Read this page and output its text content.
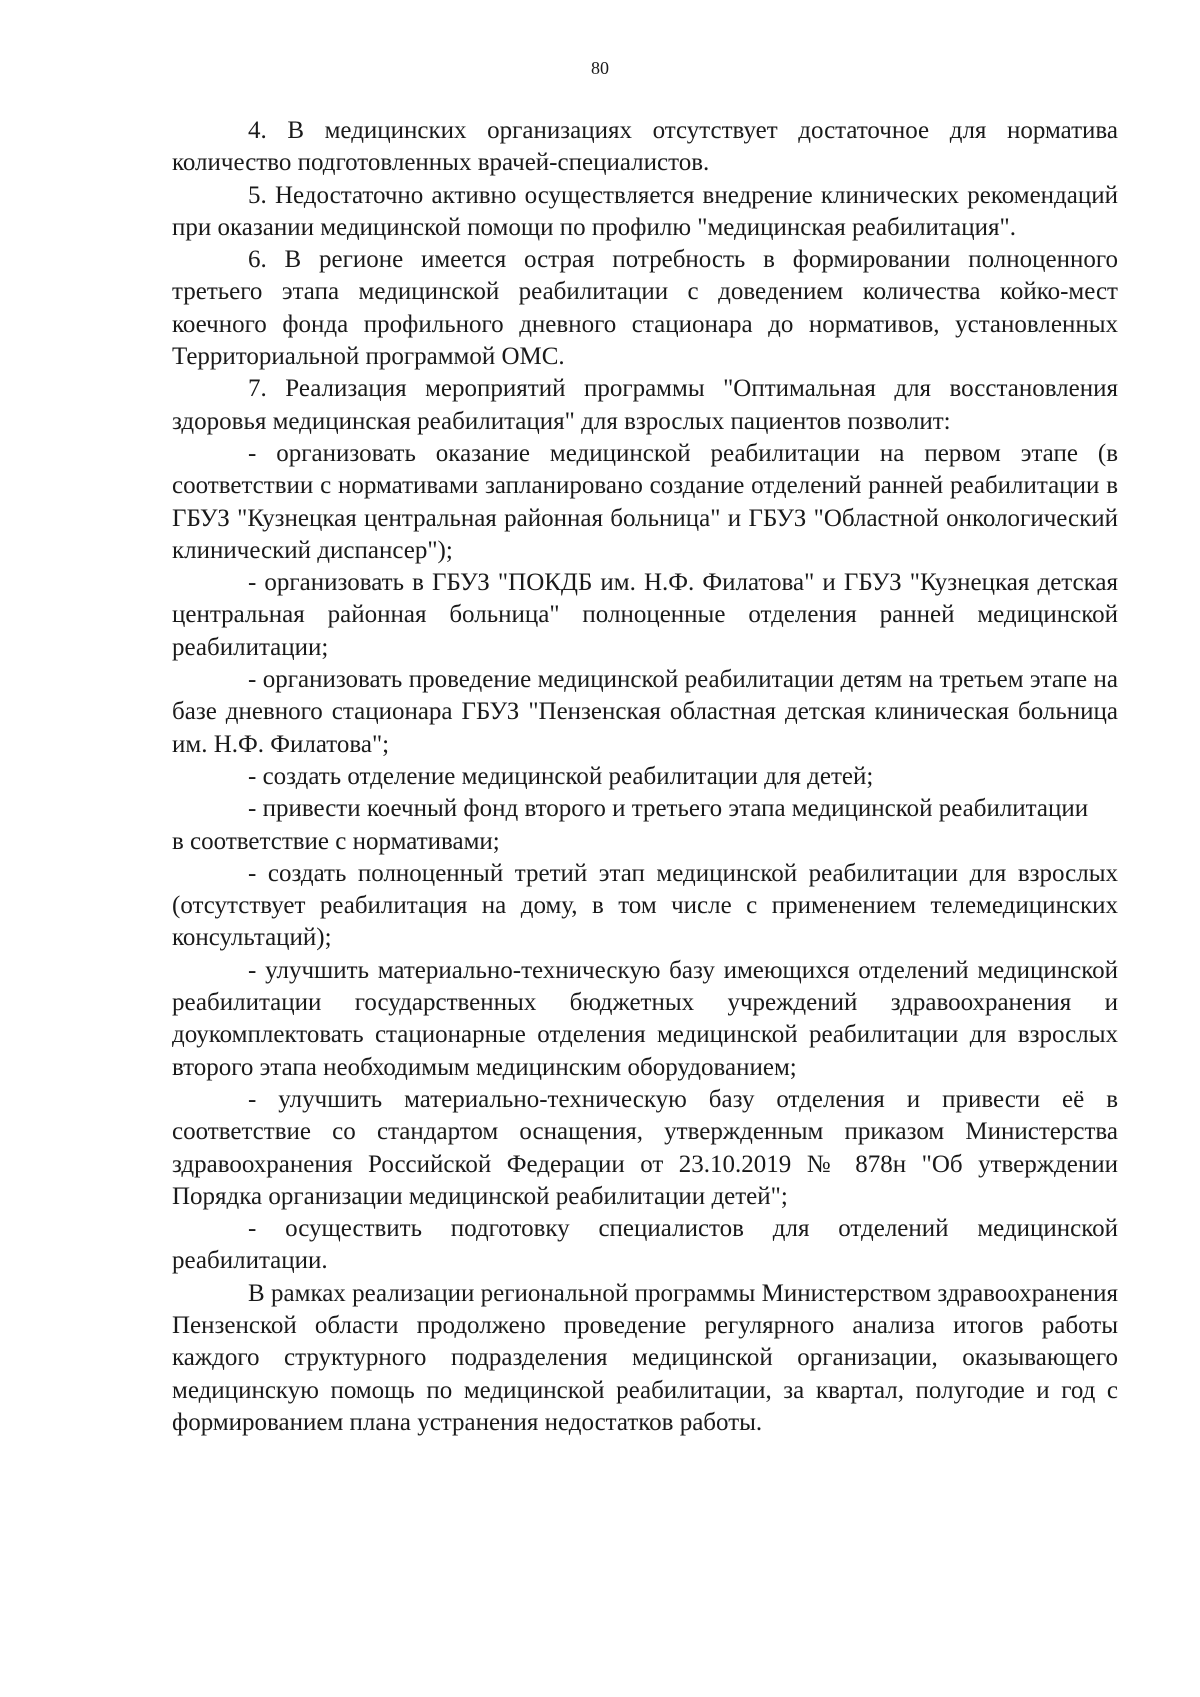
80

4. В медицинских организациях отсутствует достаточное для норматива количество подготовленных врачей-специалистов.

5. Недостаточно активно осуществляется внедрение клинических рекомендаций при оказании медицинской помощи по профилю "медицинская реабилитация".

6. В регионе имеется острая потребность в формировании полноценного третьего этапа медицинской реабилитации с доведением количества койко-мест коечного фонда профильного дневного стационара до нормативов, установленных Территориальной программой ОМС.

7. Реализация мероприятий программы "Оптимальная для восстановления здоровья медицинская реабилитация" для взрослых пациентов позволит:

- организовать оказание медицинской реабилитации на первом этапе (в соответствии с нормативами запланировано создание отделений ранней реабилитации в ГБУЗ "Кузнецкая центральная районная больница" и ГБУЗ "Областной онкологический клинический диспансер");

- организовать в ГБУЗ "ПОКДБ им. Н.Ф. Филатова" и ГБУЗ "Кузнецкая детская центральная районная больница" полноценные отделения ранней медицинской реабилитации;

- организовать проведение медицинской реабилитации детям на третьем этапе на базе дневного стационара ГБУЗ "Пензенская областная детская клиническая больница им. Н.Ф. Филатова";

- создать отделение медицинской реабилитации для детей;

- привести коечный фонд второго и третьего этапа медицинской реабилитации

в соответствие с нормативами;

- создать полноценный третий этап медицинской реабилитации для взрослых (отсутствует реабилитация на дому, в том числе с применением телемедицинских консультаций);

- улучшить материально-техническую базу имеющихся отделений медицинской реабилитации государственных бюджетных учреждений здравоохранения и доукомплектовать стационарные отделения медицинской реабилитации для взрослых второго этапа необходимым медицинским оборудованием;

- улучшить материально-техническую базу отделения и привести её в соответствие со стандартом оснащения, утвержденным приказом Министерства здравоохранения Российской Федерации от 23.10.2019 № 878н "Об утверждении Порядка организации медицинской реабилитации детей";

- осуществить подготовку специалистов для отделений медицинской реабилитации.

В рамках реализации региональной программы Министерством здравоохранения Пензенской области продолжено проведение регулярного анализа итогов работы каждого структурного подразделения медицинской организации, оказывающего медицинскую помощь по медицинской реабилитации, за квартал, полугодие и год с формированием плана устранения недостатков работы.
